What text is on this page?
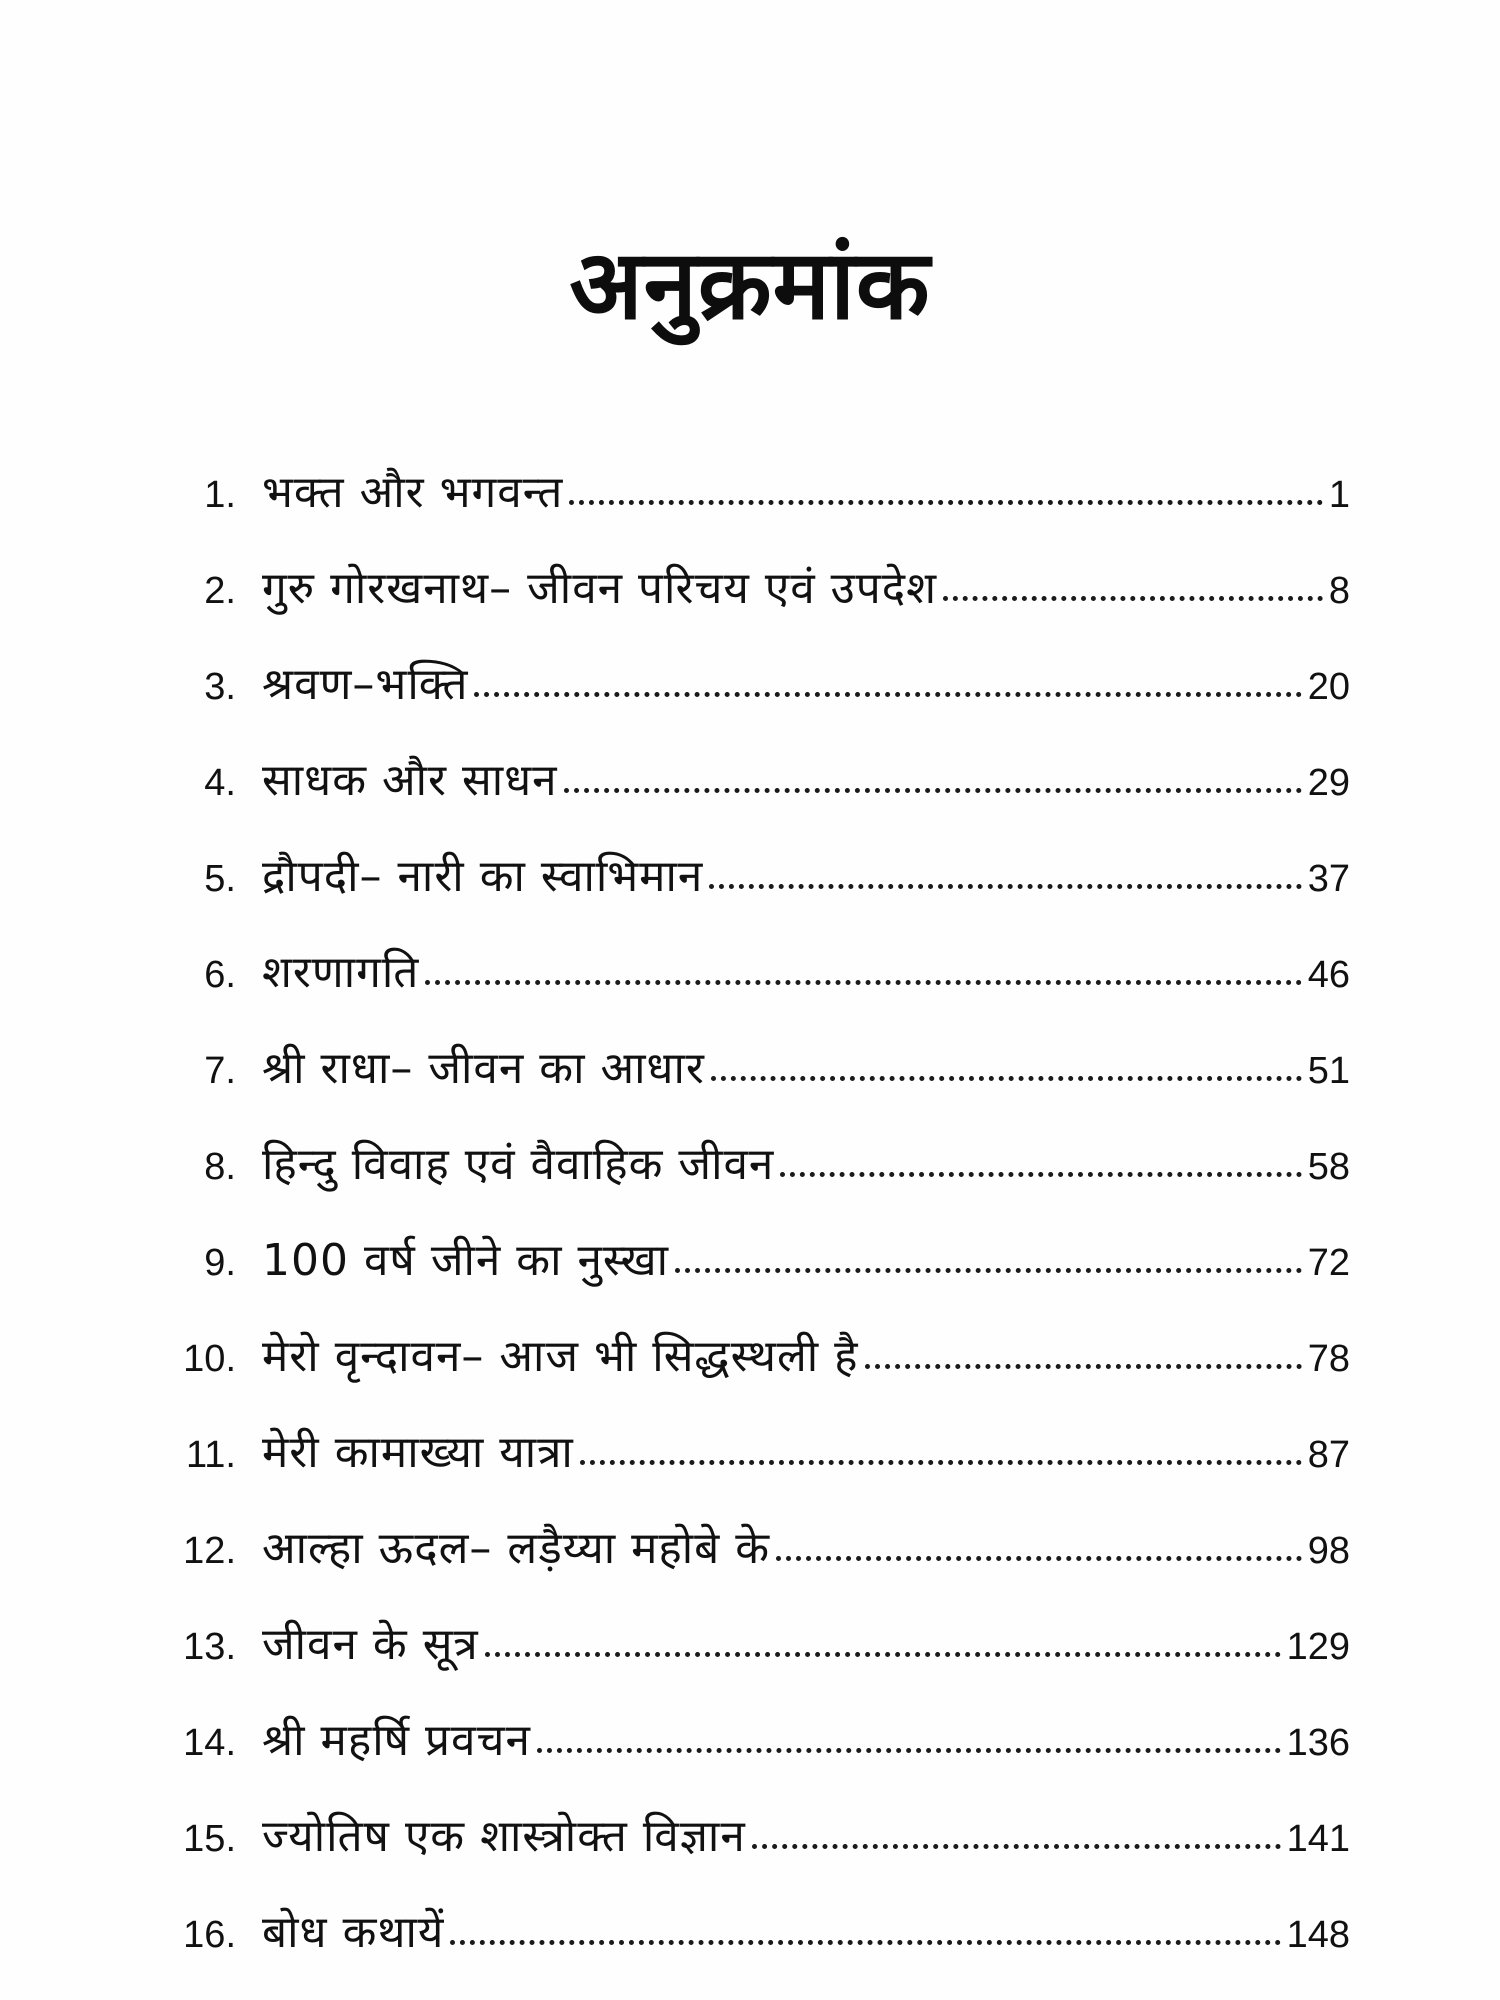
अनुक्रमांक
1. भक्त और भगवन्त	1
2. गुरु गोरखनाथ– जीवन परिचय एवं उपदेश	8
3. श्रवण–भक्ति	20
4. साधक और साधन	29
5. द्रौपदी– नारी का स्वाभिमान	37
6. शरणागति	46
7. श्री राधा– जीवन का आधार	51
8. हिन्दु विवाह एवं वैवाहिक जीवन	58
9. 100 वर्ष जीने का नुस्खा	72
10. मेरो वृन्दावन– आज भी सिद्धस्थली है	78
11. मेरी कामाख्या यात्रा	87
12. आल्हा ऊदल– लड़ैय्या महोबे के	98
13. जीवन के सूत्र	129
14. श्री महर्षि प्रवचन	136
15. ज्योतिष एक शास्त्रोक्त विज्ञान	141
16. बोध कथायें	148
